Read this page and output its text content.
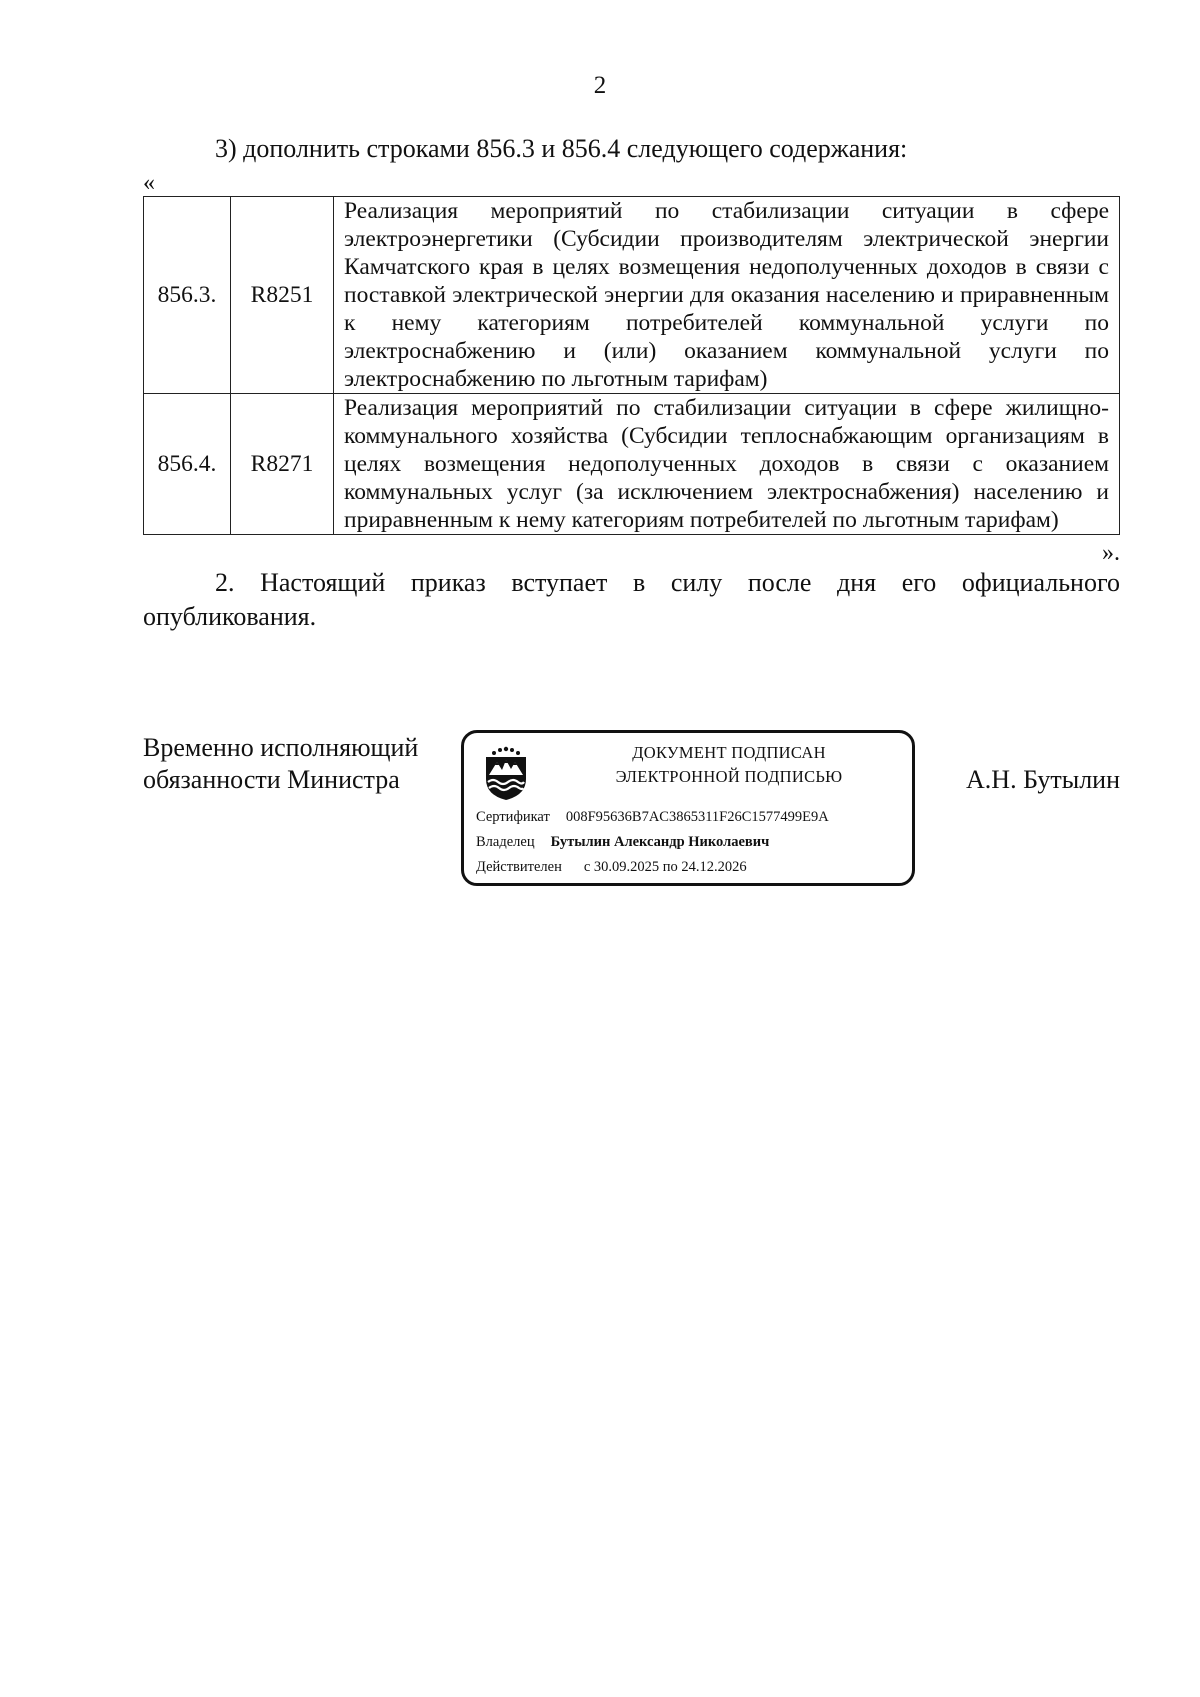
2
3) дополнить строками 856.3 и 856.4 следующего содержания:
«
856.3.	R8251	Реализация мероприятий по стабилизации ситуации в сфере электроэнергетики (Субсидии производителям электрической энергии Камчатского края в целях возмещения недополученных доходов в связи с поставкой электрической энергии для оказания населению и приравненным к нему категориям потребителей коммунальной услуги по электроснабжению и (или) оказанием коммунальной услуги по электроснабжению по льготным тарифам)
856.4.	R8271	Реализация мероприятий по стабилизации ситуации в сфере жилищно-коммунального хозяйства (Субсидии теплоснабжающим организациям в целях возмещения недополученных доходов в связи с оказанием коммунальных услуг (за исключением электроснабжения) населению и приравненным к нему категориям потребителей по льготным тарифам)
».
2. Настоящий приказ вступает в силу после дня его официального опубликования.
Временно исполняющий
обязанности Министра	А.Н. Бутылин
ДОКУМЕНТ ПОДПИСАН
ЭЛЕКТРОННОЙ ПОДПИСЬЮ
Сертификат 008F95636B7AC3865311F26C1577499E9A
Владелец Бутылин Александр Николаевич
Действителен с 30.09.2025 по 24.12.2026
